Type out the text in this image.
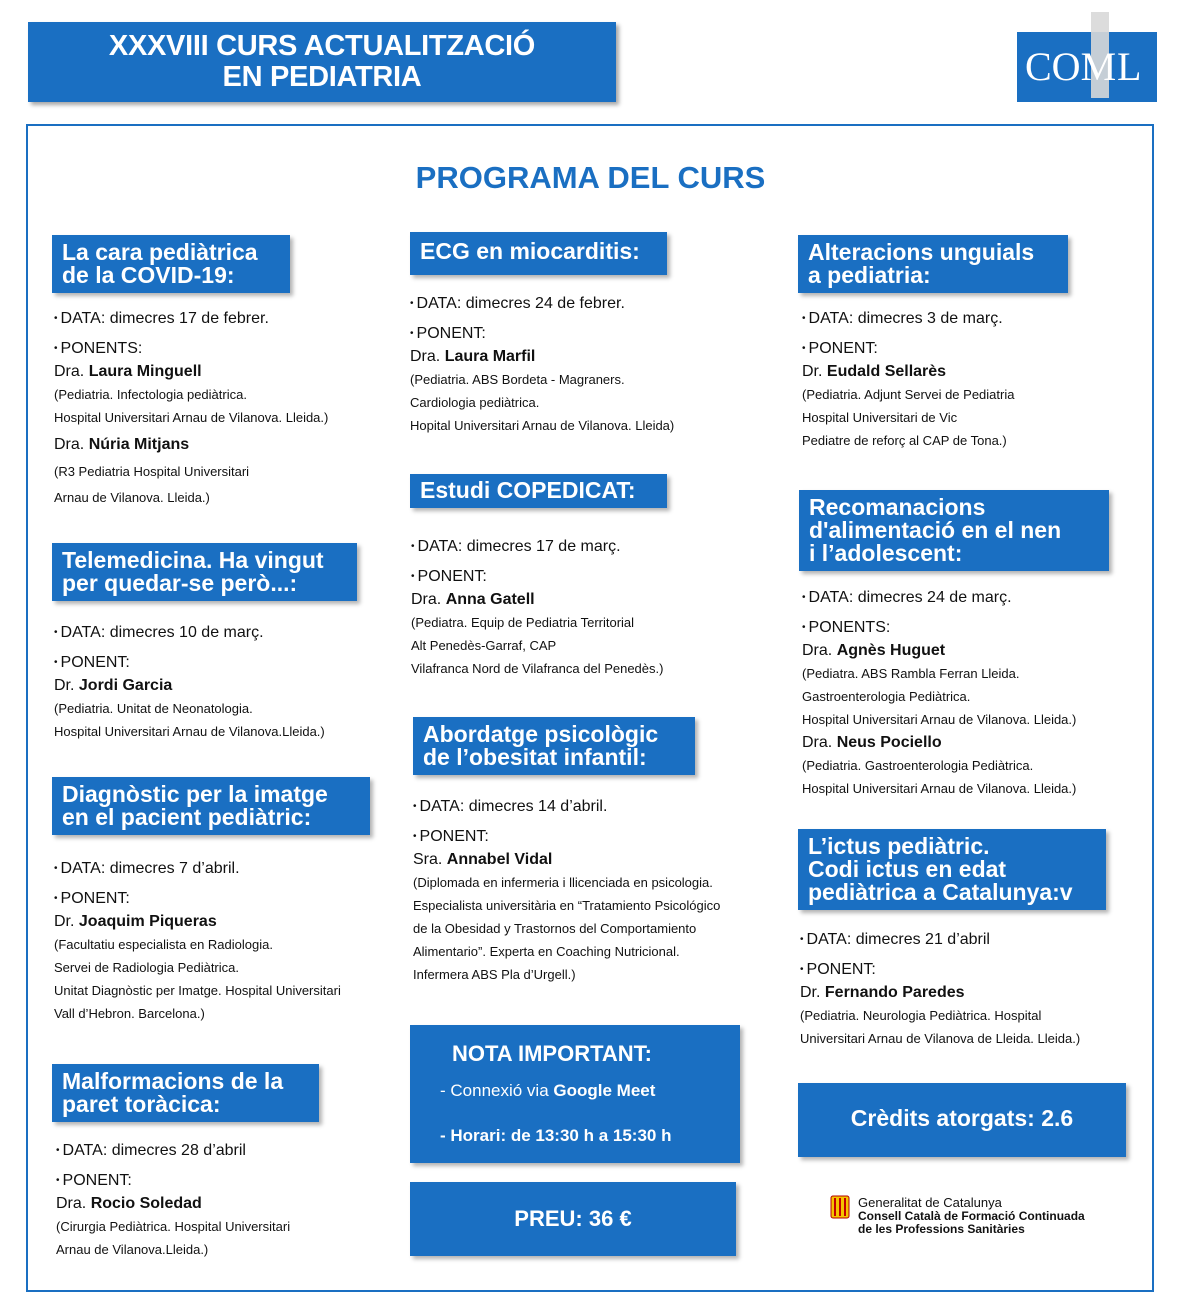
XXXVIII CURS ACTUALITZACIÓ
EN PEDIATRIA	COM L
PROGRAMA DEL CURS
La cara pediàtrica
de la COVID-19:
• DATA: dimecres 17 de febrer.
• PONENTS:
Dra. Laura Minguell
(Pediatria. Infectologia pediàtrica.
Hospital Universitari Arnau de Vilanova. Lleida.)
Dra. Núria Mitjans
(R3 Pediatria Hospital Universitari
Arnau de Vilanova. Lleida.)
Telemedicina. Ha vingut
per quedar-se però...:
• DATA: dimecres 10 de març.
• PONENT:
Dr. Jordi Garcia
(Pediatria. Unitat de Neonatologia.
Hospital Universitari Arnau de Vilanova.Lleida.)
Diagnòstic per la imatge
en el pacient pediàtric:
• DATA: dimecres 7 d’abril.
• PONENT:
Dr. Joaquim Piqueras
(Facultatiu especialista en Radiologia.
Servei de Radiologia Pediàtrica.
Unitat Diagnòstic per Imatge. Hospital Universitari
Vall d’Hebron. Barcelona.)
Malformacions de la
paret toràcica:
• DATA: dimecres 28 d’abril
• PONENT:
Dra. Rocio Soledad
(Cirurgia Pediàtrica. Hospital Universitari
Arnau de Vilanova.Lleida.)
ECG en miocarditis:
• DATA: dimecres 24 de febrer.
• PONENT:
Dra. Laura Marfil
(Pediatria. ABS Bordeta - Magraners.
Cardiologia pediàtrica.
Hopital Universitari Arnau de Vilanova. Lleida)
Estudi COPEDICAT:
• DATA: dimecres 17 de març.
• PONENT:
Dra. Anna Gatell
(Pediatra. Equip de Pediatria Territorial
Alt Penedès-Garraf, CAP
Vilafranca Nord de Vilafranca del Penedès.)
Abordatge psicològic
de l’obesitat infantil:
• DATA: dimecres 14 d’abril.
• PONENT:
Sra. Annabel Vidal
(Diplomada en infermeria i llicenciada en psicologia.
Especialista universitària en “Tratamiento Psicológico
de la Obesidad y Trastornos del Comportamiento
Alimentario”. Experta en Coaching Nutricional.
Infermera ABS Pla d’Urgell.)
NOTA IMPORTANT:
- Connexió via Google Meet
- Horari: de 13:30 h a 15:30 h
PREU: 36 €
Alteracions unguials
a pediatria:
• DATA: dimecres 3 de març.
• PONENT:
Dr. Eudald Sellarès
(Pediatria. Adjunt Servei de Pediatria
Hospital Universitari de Vic
Pediatre de reforç al CAP de Tona.)
Recomanacions
d'alimentació en el nen
i l’adolescent:
• DATA: dimecres 24 de març.
• PONENTS:
Dra. Agnès Huguet
(Pediatra. ABS Rambla Ferran Lleida.
Gastroenterologia Pediàtrica.
Hospital Universitari Arnau de Vilanova. Lleida.)
Dra. Neus Pociello
(Pediatria. Gastroenterologia Pediàtrica.
Hospital Universitari Arnau de Vilanova. Lleida.)
L’ictus pediàtric.
Codi ictus en edat
pediàtrica a Catalunya:v
• DATA: dimecres 21 d’abril
• PONENT:
Dr. Fernando Paredes
(Pediatria. Neurologia Pediàtrica. Hospital
Universitari Arnau de Vilanova de Lleida. Lleida.)
Crèdits atorgats: 2.6
Generalitat de Catalunya
Consell Català de Formació Continuada
de les Professions Sanitàries
